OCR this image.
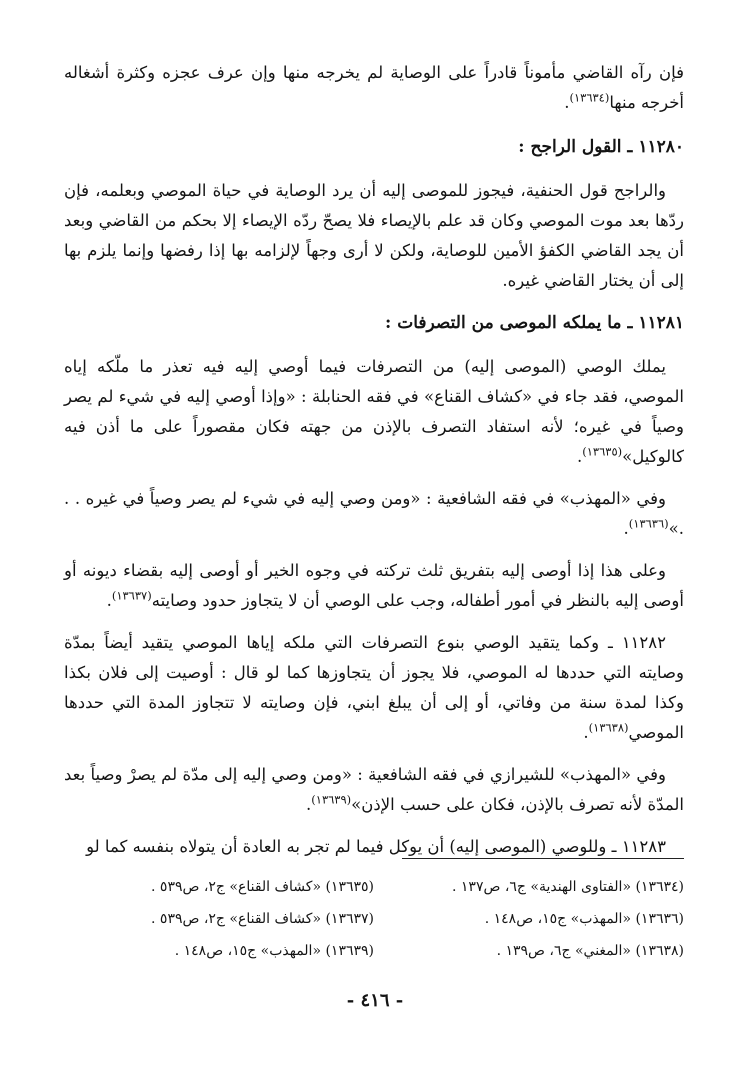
فإن رآه القاضي مأموناً قادراً على الوصاية لم يخرجه منها وإن عرف عجزه وكثرة أشغاله أخرجه منها$^{(١٣٦٣٤)}$.

١١٢٨٠ ـ القول الراجح :

والراجح قول الحنفية، فيجوز للموصى إليه أن يرد الوصاية في حياة الموصي وبعلمه، فإن ردّها بعد موت الموصي وكان قد علم بالإيصاء فلا يصحّ ردّه الإيصاء إلا بحكم من القاضي وبعد أن يجد القاضي الكفؤ الأمين للوصاية، ولكن لا أرى وجهاً لإلزامه بها إذا رفضها وإنما يلزم بها إلى أن يختار القاضي غيره.

١١٢٨١ ـ ما يملكه الموصى من التصرفات :

يملك الوصي (الموصى إليه) من التصرفات فيما أوصي إليه فيه تعذر ما ملّكه إياه الموصي، فقد جاء في «كشاف القناع» في فقه الحنابلة : «وإذا أوصي إليه في شيء لم يصر وصياً في غيره؛ لأنه استفاد التصرف بالإذن من جهته فكان مقصوراً على ما أذن فيه كالوكيل»$^{(١٣٦٣٥)}$.

وفي «المهذب» في فقه الشافعية : «ومن وصي إليه في شيء لم يصر وصياً في غيره . . .»$^{(١٣٦٣٦)}$.

وعلى هذا إذا أوصى إليه بتفريق ثلث تركته في وجوه الخير أو أوصى إليه بقضاء ديونه أو أوصى إليه بالنظر في أمور أطفاله، وجب على الوصي أن لا يتجاوز حدود وصايته$^{(١٣٦٣٧)}$.

١١٢٨٢ ـ وكما يتقيد الوصي بنوع التصرفات التي ملكه إياها الموصي يتقيد أيضاً بمدّة وصايته التي حددها له الموصي، فلا يجوز أن يتجاوزها كما لو قال : أوصيت إلى فلان بكذا وكذا لمدة سنة من وفاتي، أو إلى أن يبلغ ابني، فإن وصايته لا تتجاوز المدة التي حددها الموصي$^{(١٣٦٣٨)}$.

وفي «المهذب» للشيرازي في فقه الشافعية : «ومن وصي إليه إلى مدّة لم يصرْ وصياً بعد المدّة لأنه تصرف بالإذن، فكان على حسب الإذن»$^{(١٣٦٣٩)}$.

١١٢٨٣ ـ وللوصي (الموصى إليه) أن يوكل فيما لم تجر به العادة أن يتولاه بنفسه كما لو

(١٣٦٣٤) «الفتاوى الهندية» ج٦، ص١٣٧ .
(١٣٦٣٥) «كشاف القناع» ج٢، ص٥٣٩ .
(١٣٦٣٦) «المهذب» ج١٥، ص١٤٨ .
(١٣٦٣٧) «كشاف القناع» ج٢، ص٥٣٩ .
(١٣٦٣٨) «المغني» ج٦، ص١٣٩ .
(١٣٦٣٩) «المهذب» ج١٥، ص١٤٨ .
- ٤١٦ -
